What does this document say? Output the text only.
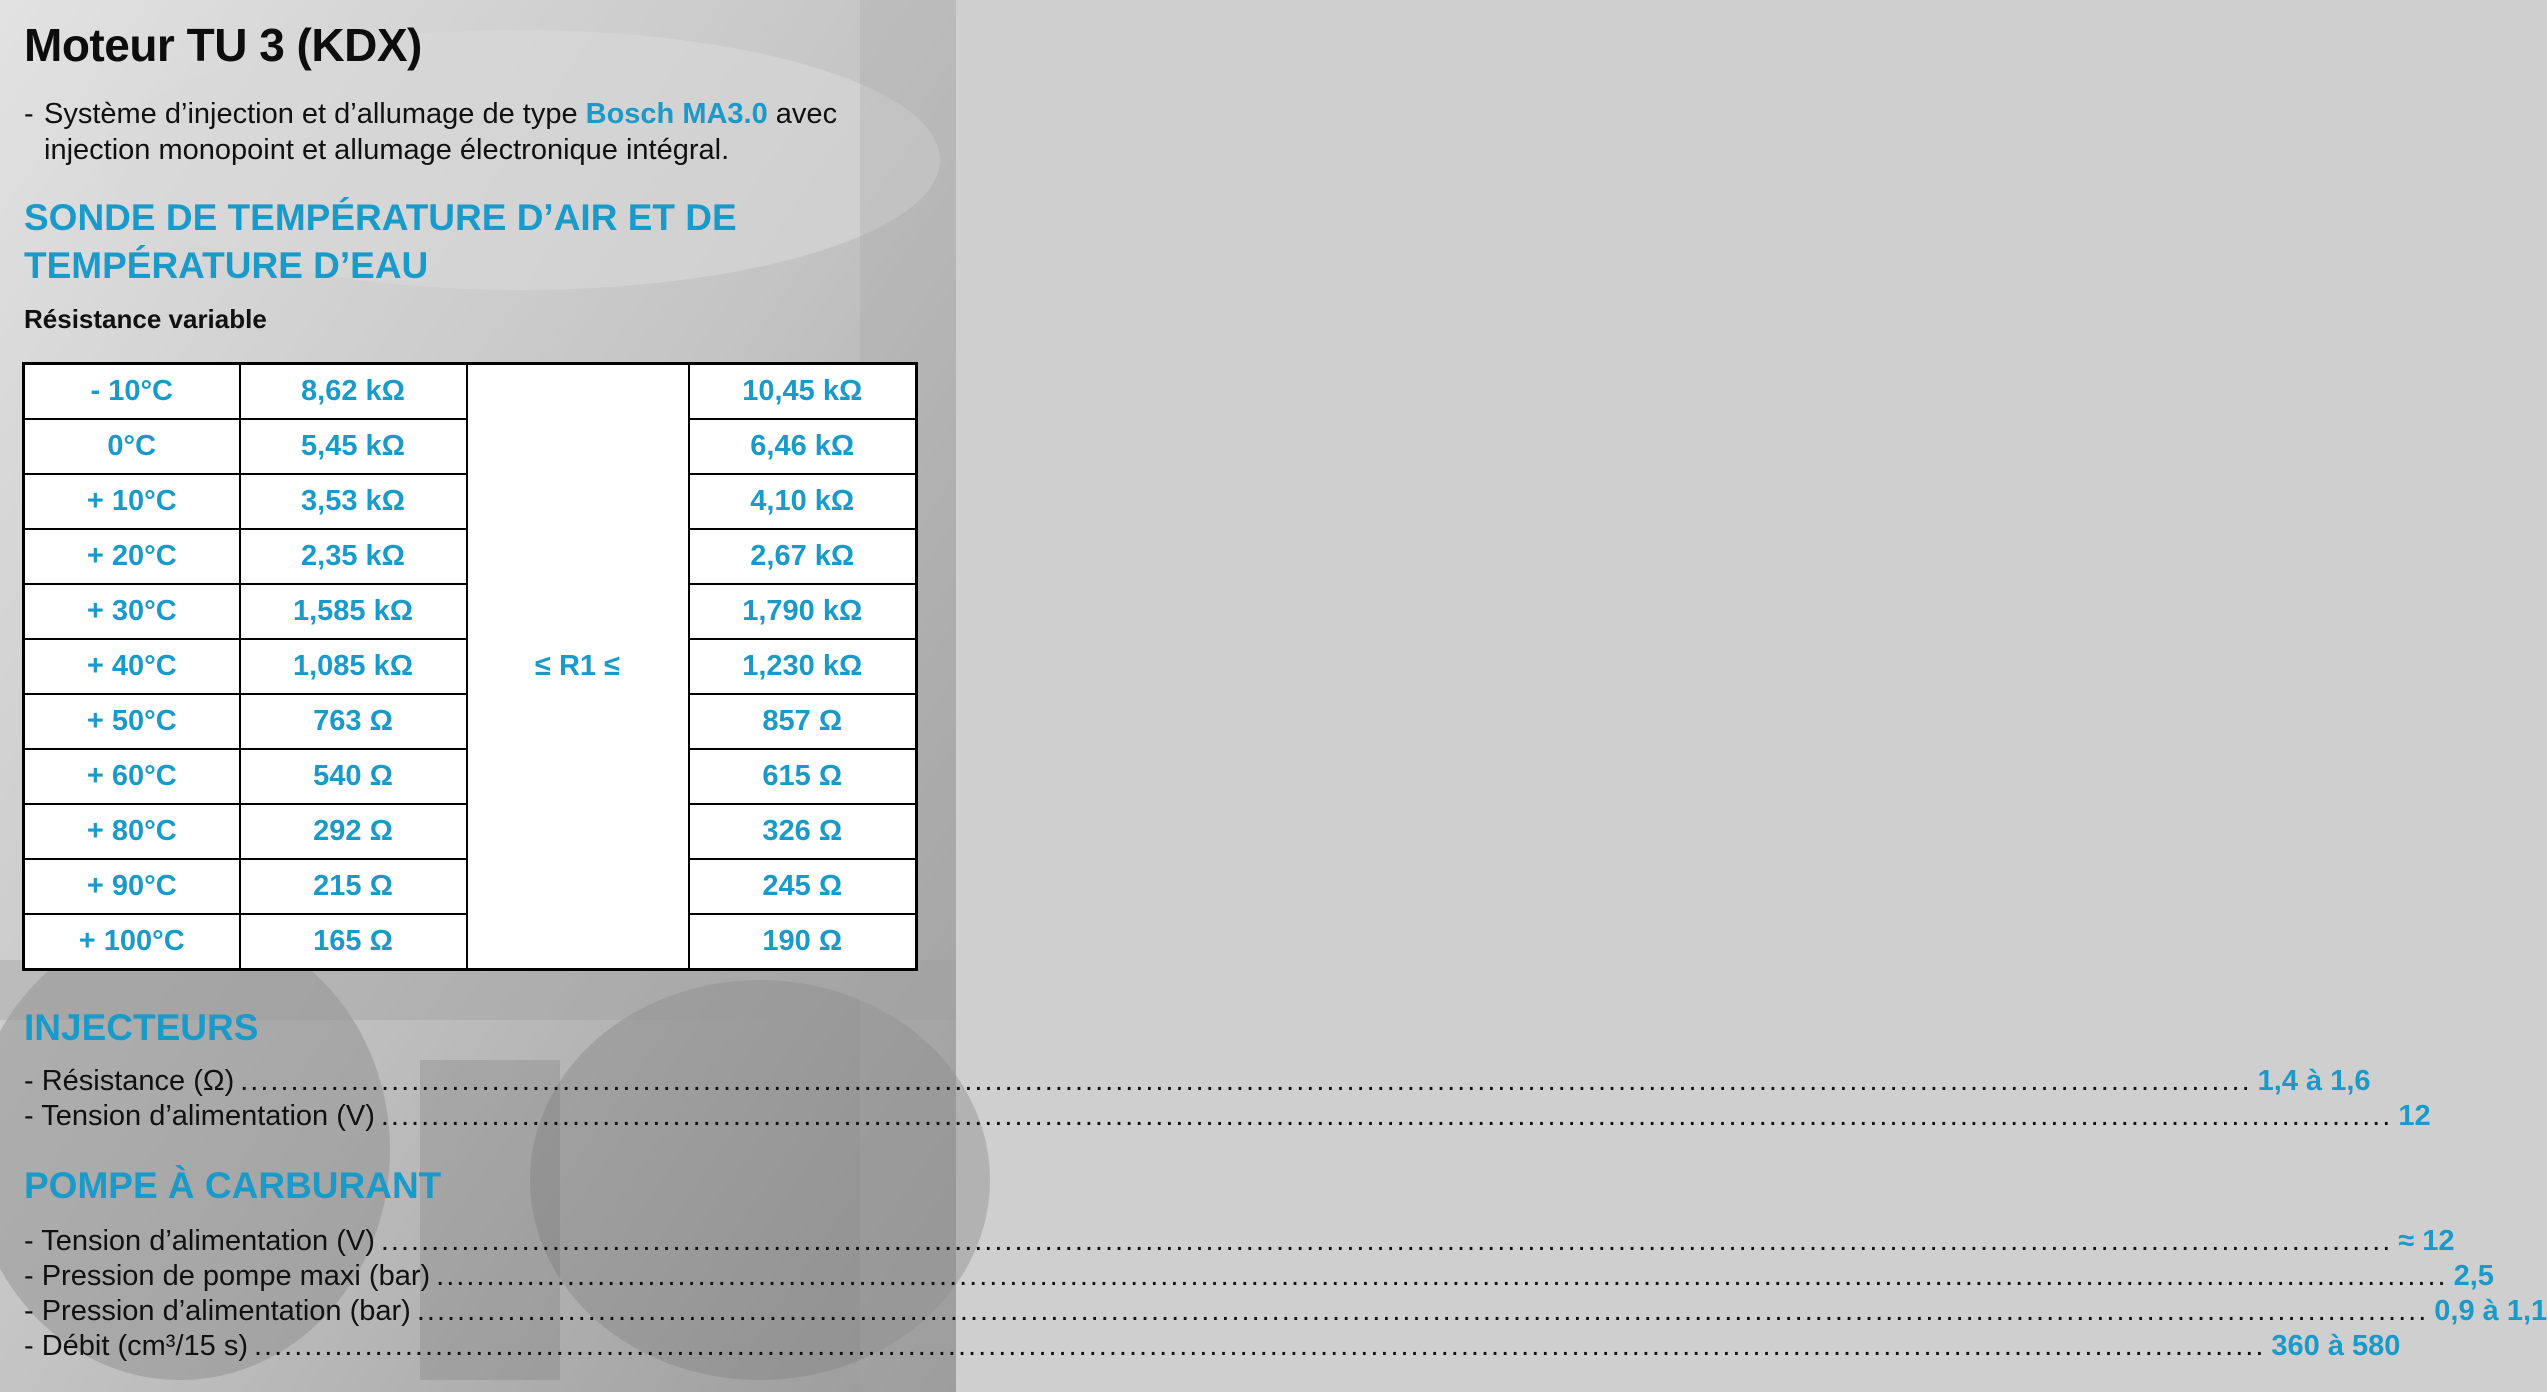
Moteur TU 3 (KDX)
- Système d’injection et d’allumage de type Bosch MA3.0 avec injection monopoint et allumage électronique intégral.
SONDE DE TEMPÉRATURE D’AIR ET DE
TEMPÉRATURE D’EAU
Résistance variable
- 10°C	8,62 kΩ	≤ R1 ≤	10,45 kΩ
0°C	5,45 kΩ		6,46 kΩ
+ 10°C	3,53 kΩ		4,10 kΩ
+ 20°C	2,35 kΩ		2,67 kΩ
+ 30°C	1,585 kΩ		1,790 kΩ
+ 40°C	1,085 kΩ		1,230 kΩ
+ 50°C	763 Ω		857 Ω
+ 60°C	540 Ω		615 Ω
+ 80°C	292 Ω		326 Ω
+ 90°C	215 Ω		245 Ω
+ 100°C	165 Ω		190 Ω
INJECTEURS
- Résistance (Ω) ........................................................................................................................................................................................................ 1,4 à 1,6
- Tension d’alimentation (V) ........................................................................................................................................................................................................ 12
POMPE À CARBURANT
- Tension d’alimentation (V) ........................................................................................................................................................................................................ ≈ 12
- Pression de pompe maxi (bar) ........................................................................................................................................................................................................ 2,5
- Pression d’alimentation (bar) ........................................................................................................................................................................................................ 0,9 à 1,1
- Débit (cm³/15 s) ........................................................................................................................................................................................................ 360 à 580
